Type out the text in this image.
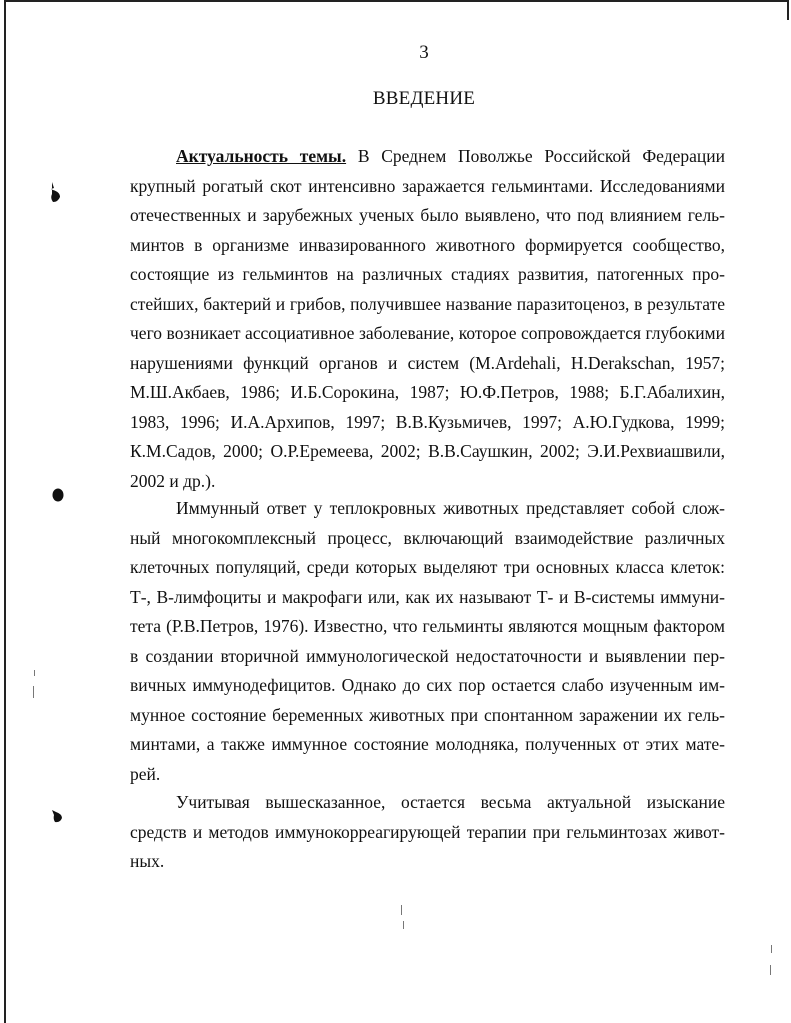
3
ВВЕДЕНИЕ

Актуальность темы. В Среднем Поволжье Российской Федерации крупный рогатый скот интенсивно заражается гельминтами. Исследованиями отечественных и зарубежных ученых было выявлено, что под влиянием гельминтов в организме инвазированного животного формируется сообщество, состоящие из гельминтов на различных стадиях развития, патогенных простейших, бактерий и грибов, получившее название паразитоценоз, в результате чего возникает ассоциативное заболевание, которое сопровождается глубокими нарушениями функций органов и систем (M.Ardehali, H.Derakschan, 1957; М.Ш.Акбаев, 1986; И.Б.Сорокина, 1987; Ю.Ф.Петров, 1988; Б.Г.Абалихин, 1983, 1996; И.А.Архипов, 1997; В.В.Кузьмичев, 1997; А.Ю.Гудкова, 1999; К.М.Садов, 2000; О.Р.Еремеева, 2002; В.В.Саушкин, 2002; Э.И.Рехвиашвили, 2002 и др.).

Иммунный ответ у теплокровных животных представляет собой сложный многокомплексный процесс, включающий взаимодействие различных клеточных популяций, среди которых выделяют три основных класса клеток: Т-, В-лимфоциты и макрофаги или, как их называют Т- и В-системы иммунитета (Р.В.Петров, 1976). Известно, что гельминты являются мощным фактором в создании вторичной иммунологической недостаточности и выявлении первичных иммунодефицитов. Однако до сих пор остается слабо изученным иммунное состояние беременных животных при спонтанном заражении их гельминтами, а также иммунное состояние молодняка, полученных от этих матерей.

Учитывая вышесказанное, остается весьма актуальной изыскание средств и методов иммунокорреагирующей терапии при гельминтозах животных.
